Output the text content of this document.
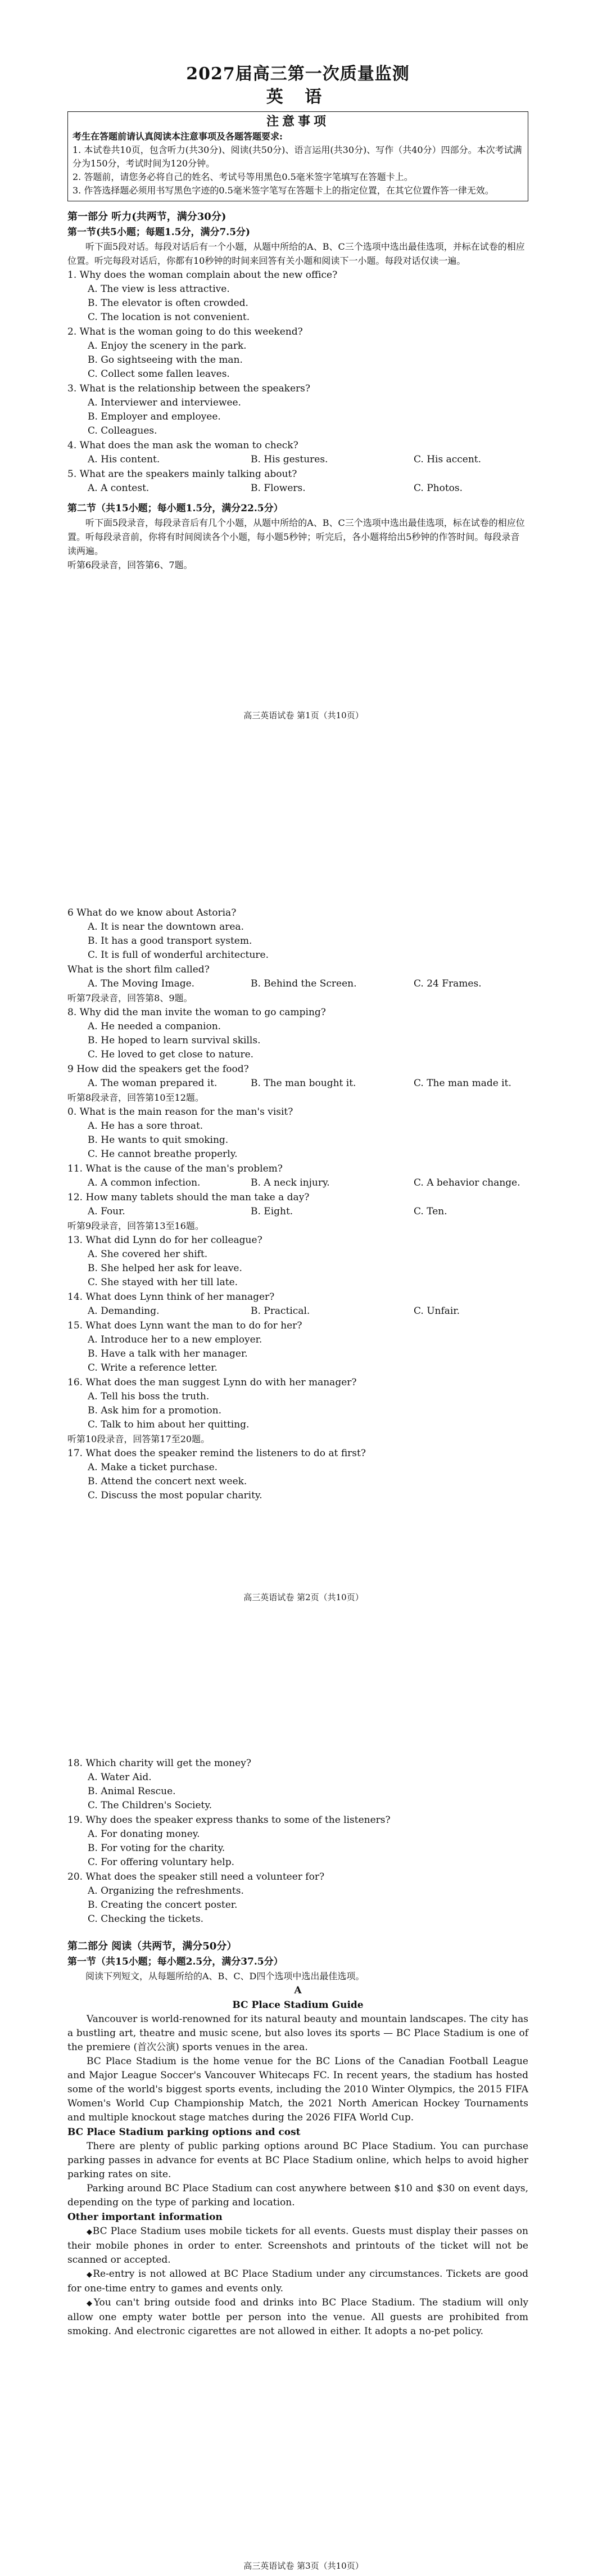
2027届高三第一次质量监测
英 语
注意事项
考生在答题前请认真阅读本注意事项及各题答题要求:
1. 本试卷共10页，包含听力(共30分)、阅读(共50分)、语言运用(共30分)、写作（共40分）四部分。本次考试满分为150分，考试时间为120分钟。
2. 答题前，请您务必将自己的姓名、考试号等用黑色0.5毫米签字笔填写在答题卡上。
3. 作答选择题必须用书写黑色字迹的0.5毫米签字笔写在答题卡上的指定位置，在其它位置作答一律无效。
第一部分 听力(共两节，满分30分)
第一节(共5小题；每题1.5分，满分7.5分)
听下面5段对话。每段对话后有一个小题，从题中所给的A、B、C三个选项中选出最佳选项，并标在试卷的相应位置。听完每段对话后，你都有10秒钟的时间来回答有关小题和阅读下一小题。每段对话仅读一遍。
1. Why does the woman complain about the new office?
A. The view is less attractive.
B. The elevator is often crowded.
C. The location is not convenient.
2. What is the woman going to do this weekend?
A. Enjoy the scenery in the park.
B. Go sightseeing with the man.
C. Collect some fallen leaves.
3. What is the relationship between the speakers?
A. Interviewer and interviewee.
B. Employer and employee.
C. Colleagues.
4. What does the man ask the woman to check?
A. His content.	B. His gestures.	C. His accent.
5. What are the speakers mainly talking about?
A. A contest.	B. Flowers.	C. Photos.
第二节（共15小题；每小题1.5分，满分22.5分）
听下面5段录音，每段录音后有几个小题，从题中所给的A、B、C三个选项中选出最佳选项，标在试卷的相应位置。听每段录音前，你将有时间阅读各个小题，每小题5秒钟；听完后，各小题将给出5秒钟的作答时间。每段录音读两遍。
听第6段录音，回答第6、7题。
高三英语试卷 第1页（共10页）
6 What do we know about Astoria?
A. It is near the downtown area.
B. It has a good transport system.
C. It is full of wonderful architecture.
What is the short film called?
A. The Moving Image.	B. Behind the Screen.	C. 24 Frames.
听第7段录音，回答第8、9题。
8. Why did the man invite the woman to go camping?
A. He needed a companion.
B. He hoped to learn survival skills.
C. He loved to get close to nature.
9 How did the speakers get the food?
A. The woman prepared it.	B. The man bought it.	C. The man made it.
听第8段录音，回答第10至12题。
0. What is the main reason for the man's visit?
A. He has a sore throat.
B. He wants to quit smoking.
C. He cannot breathe properly.
11. What is the cause of the man's problem?
A. A common infection.	B. A neck injury.	C. A behavior change.
12. How many tablets should the man take a day?
A. Four.	B. Eight.	C. Ten.
听第9段录音，回答第13至16题。
13. What did Lynn do for her colleague?
A. She covered her shift.
B. She helped her ask for leave.
C. She stayed with her till late.
14. What does Lynn think of her manager?
A. Demanding.	B. Practical.	C. Unfair.
15. What does Lynn want the man to do for her?
A. Introduce her to a new employer.
B. Have a talk with her manager.
C. Write a reference letter.
16. What does the man suggest Lynn do with her manager?
A. Tell his boss the truth.
B. Ask him for a promotion.
C. Talk to him about her quitting.
听第10段录音，回答第17至20题。
17. What does the speaker remind the listeners to do at first?
A. Make a ticket purchase.
B. Attend the concert next week.
C. Discuss the most popular charity.
高三英语试卷 第2页（共10页）
18. Which charity will get the money?
A. Water Aid.
B. Animal Rescue.
C. The Children's Society.
19. Why does the speaker express thanks to some of the listeners?
A. For donating money.
B. For voting for the charity.
C. For offering voluntary help.
20. What does the speaker still need a volunteer for?
A. Organizing the refreshments.
B. Creating the concert poster.
C. Checking the tickets.
第二部分 阅读（共两节，满分50分）
第一节（共15小题；每小题2.5分，满分37.5分）
阅读下列短文，从每题所给的A、B、C、D四个选项中选出最佳选项。
A
BC Place Stadium Guide
Vancouver is world-renowned for its natural beauty and mountain landscapes. The city has a bustling art, theatre and music scene, but also loves its sports — BC Place Stadium is one of the premiere (首次公演) sports venues in the area.
BC Place Stadium is the home venue for the BC Lions of the Canadian Football League and Major League Soccer's Vancouver Whitecaps FC. In recent years, the stadium has hosted some of the world's biggest sports events, including the 2010 Winter Olympics, the 2015 FIFA Women's World Cup Championship Match, the 2021 North American Hockey Tournaments and multiple knockout stage matches during the 2026 FIFA World Cup.
BC Place Stadium parking options and cost
There are plenty of public parking options around BC Place Stadium. You can purchase parking passes in advance for events at BC Place Stadium online, which helps to avoid higher parking rates on site.
Parking around BC Place Stadium can cost anywhere between $10 and $30 on event days, depending on the type of parking and location.
Other important information
◆BC Place Stadium uses mobile tickets for all events. Guests must display their passes on their mobile phones in order to enter. Screenshots and printouts of the ticket will not be scanned or accepted.
◆Re-entry is not allowed at BC Place Stadium under any circumstances. Tickets are good for one-time entry to games and events only.
◆You can't bring outside food and drinks into BC Place Stadium. The stadium will only allow one empty water bottle per person into the venue. All guests are prohibited from smoking. And electronic cigarettes are not allowed in either. It adopts a no-pet policy.
高三英语试卷 第3页（共10页）
